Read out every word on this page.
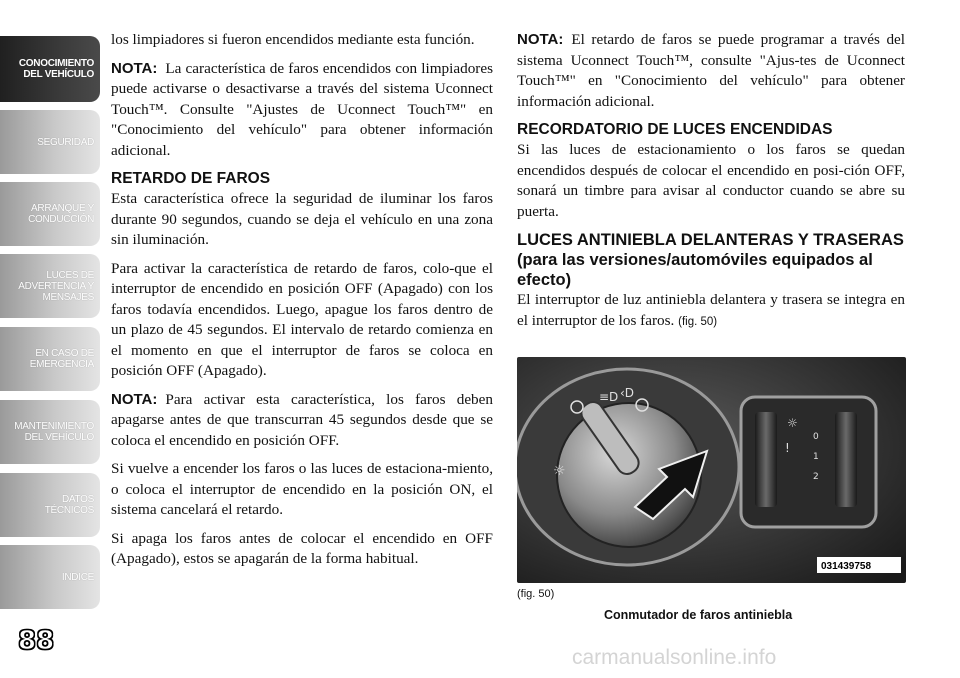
CONOCIMIENTO
DEL VEHÍCULO
SEGURIDAD
ARRANQUE Y
CONDUCCIÓN
LUCES DE
ADVERTENCIA Y
MENSAJES
EN CASO DE
EMERGENCIA
MANTENIMIENTO
DEL VEHÍCULO
DATOS
TÉCNICOS
INDICE
88

los limpiadores si fueron encendidos mediante esta función.

NOTA: La característica de faros encendidos con limpiadores puede activarse o desactivarse a través del sistema Uconnect Touch™. Consulte "Ajustes de Uconnect Touch™" en "Conocimiento del vehículo" para obtener información adicional.

RETARDO DE FAROS

Esta característica ofrece la seguridad de iluminar los faros durante 90 segundos, cuando se deja el vehículo en una zona sin iluminación.

Para activar la característica de retardo de faros, colo-que el interruptor de encendido en posición OFF (Apagado) con los faros todavía encendidos. Luego, apague los faros dentro de un plazo de 45 segundos. El intervalo de retardo comienza en el momento en que el interruptor de faros se coloca en posición OFF (Apagado).

NOTA: Para activar esta característica, los faros deben apagarse antes de que transcurran 45 segundos desde que se coloca el encendido en posición OFF.

Si vuelve a encender los faros o las luces de estaciona-miento, o coloca el interruptor de encendido en la posición ON, el sistema cancelará el retardo.

Si apaga los faros antes de colocar el encendido en OFF (Apagado), estos se apagarán de la forma habitual.

NOTA: El retardo de faros se puede programar a través del sistema Uconnect Touch™, consulte "Ajus-tes de Uconnect Touch™" en "Conocimiento del vehículo" para obtener información adicional.

RECORDATORIO DE LUCES ENCENDIDAS

Si las luces de estacionamiento o los faros se quedan encendidos después de colocar el encendido en posi-ción OFF, sonará un timbre para avisar al conductor cuando se abre su puerta.

LUCES ANTINIEBLA DELANTERAS Y TRASERAS (para las versiones/automóviles equipados al efecto)

El interruptor de luz antiniebla delantera y trasera se integra en el interruptor de los faros. (fig. 50)

≡D ‹D
☼
☼
!
0
1
2
031439758
(fig. 50)
Conmutador de faros antiniebla
carmanualsonline.info
